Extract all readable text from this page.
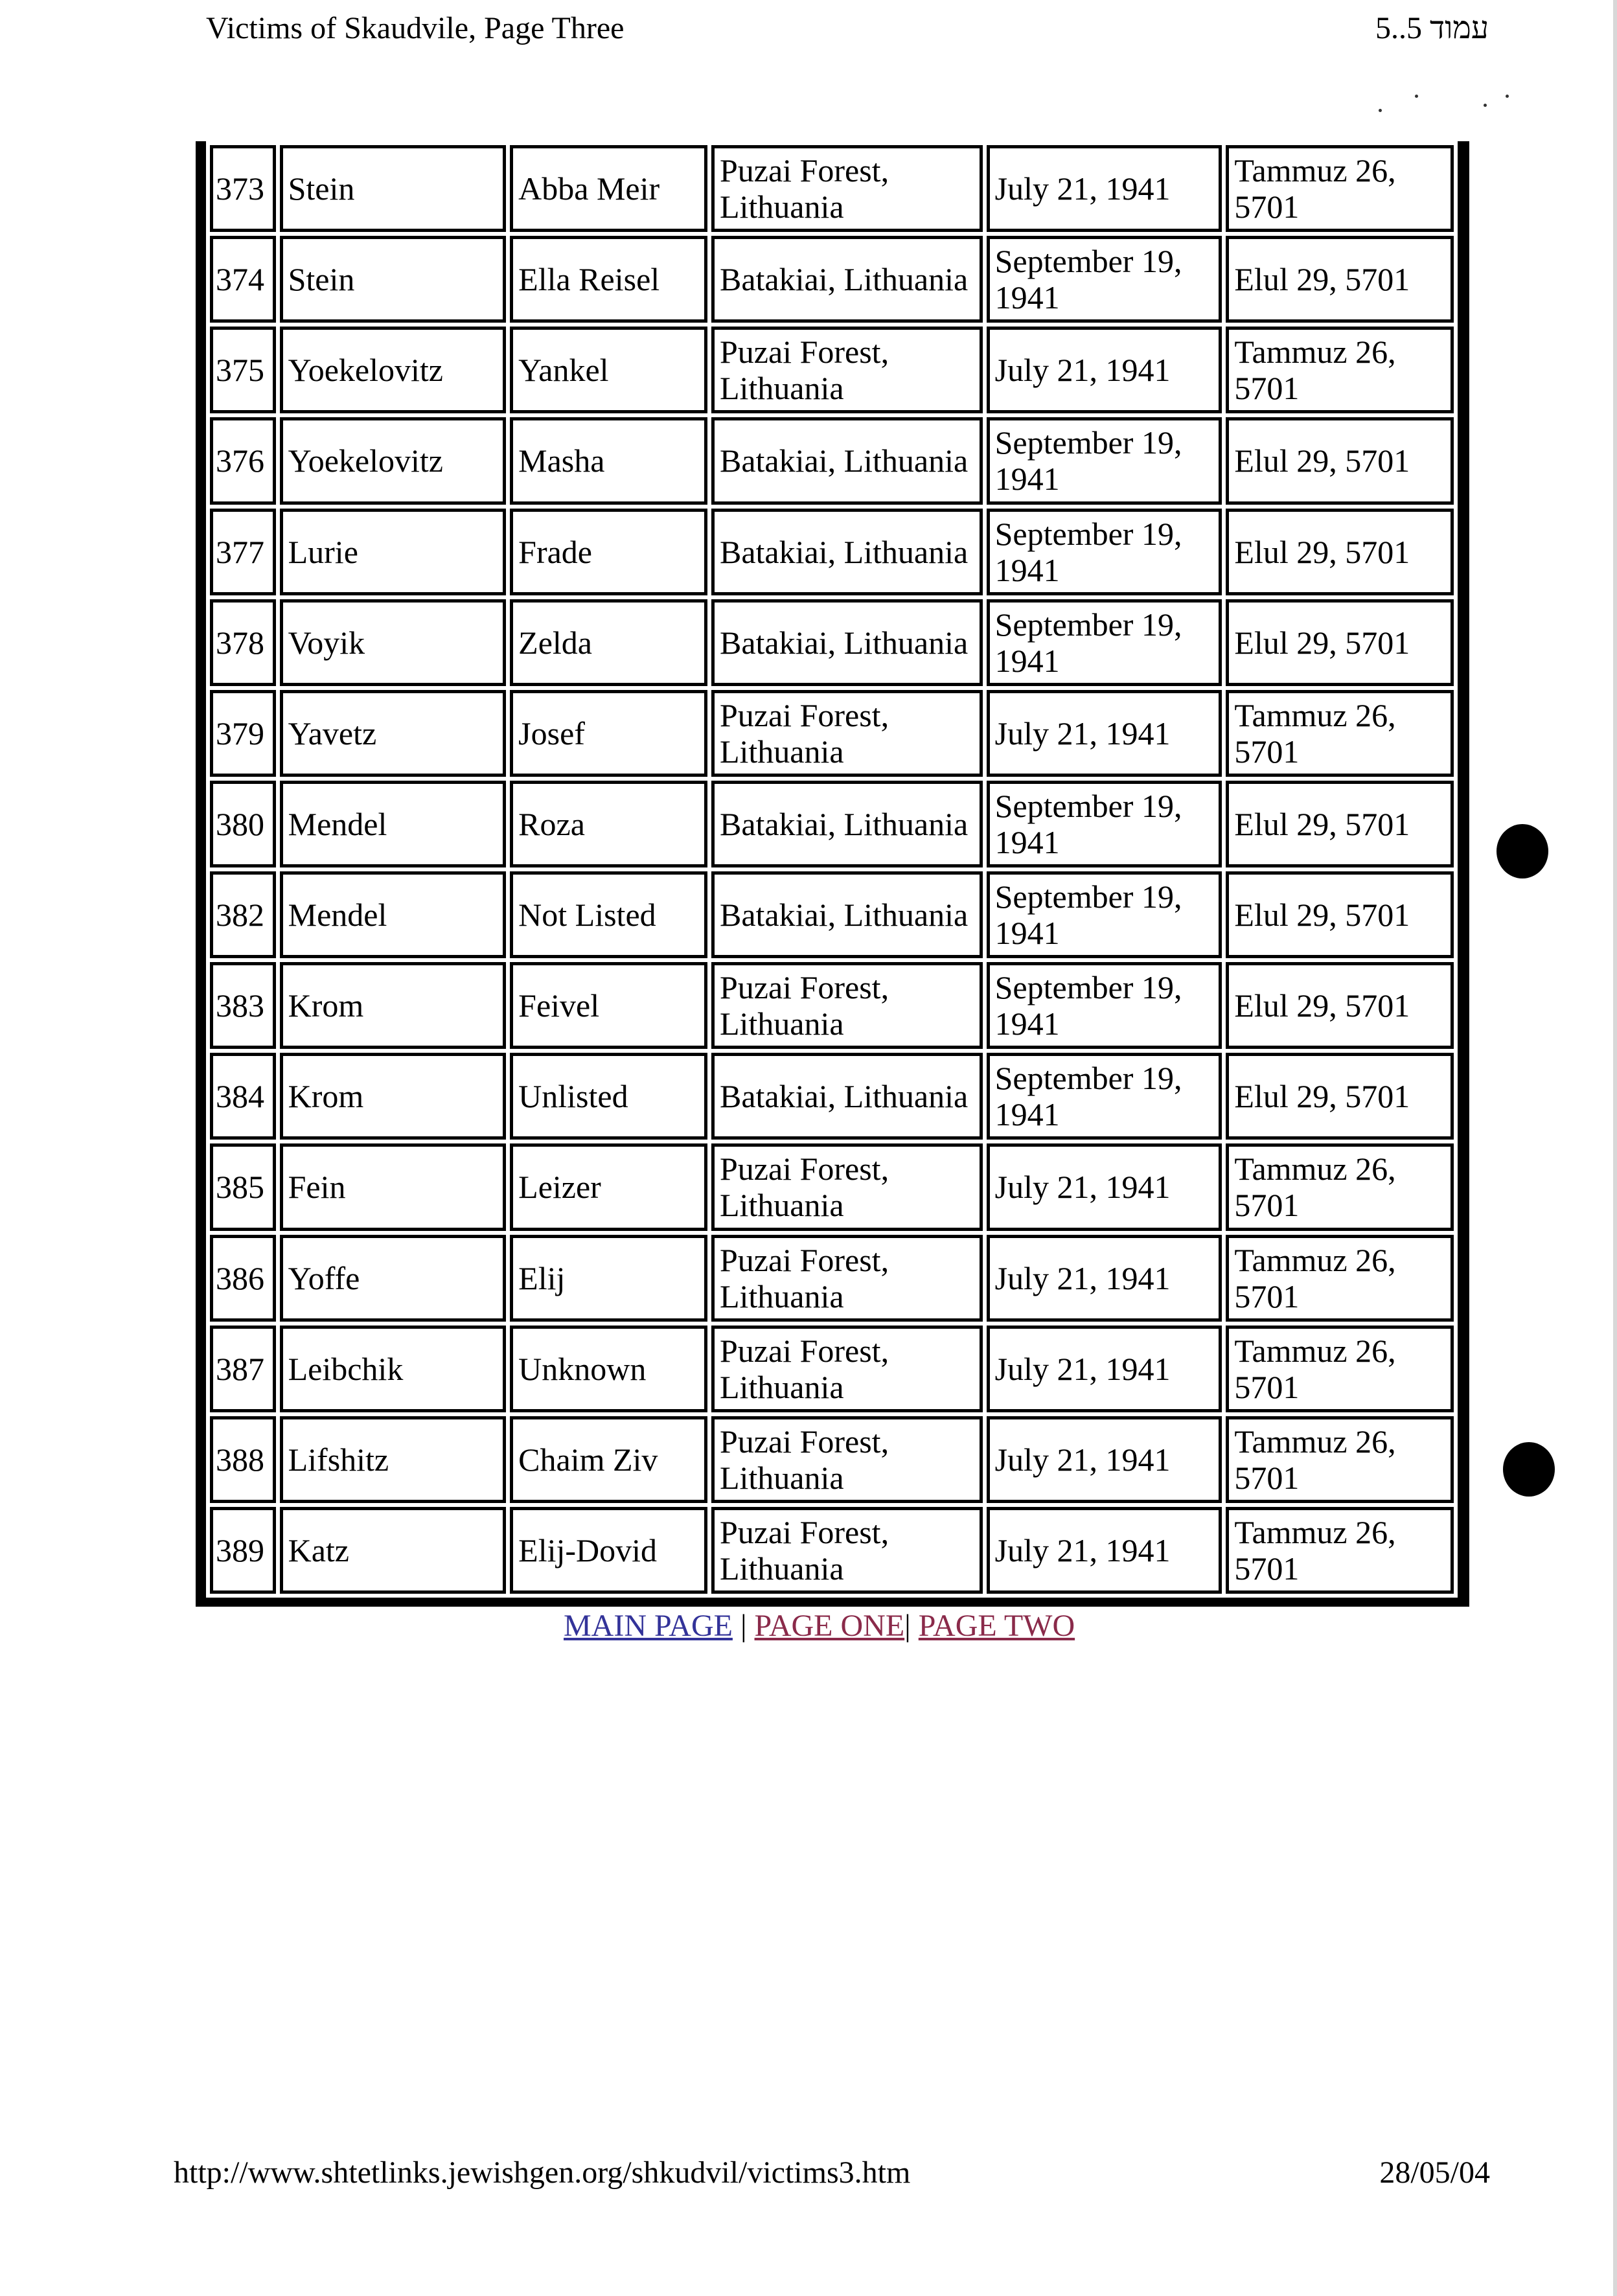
Victims of Skaudvile, Page Three	עמוד 5..5
373	Stein	Abba Meir	Puzai Forest, Lithuania	July 21, 1941	Tammuz 26, 5701
374	Stein	Ella Reisel	Batakiai, Lithuania	September 19, 1941	Elul 29, 5701
375	Yoekelovitz	Yankel	Puzai Forest, Lithuania	July 21, 1941	Tammuz 26, 5701
376	Yoekelovitz	Masha	Batakiai, Lithuania	September 19, 1941	Elul 29, 5701
377	Lurie	Frade	Batakiai, Lithuania	September 19, 1941	Elul 29, 5701
378	Voyik	Zelda	Batakiai, Lithuania	September 19, 1941	Elul 29, 5701
379	Yavetz	Josef	Puzai Forest, Lithuania	July 21, 1941	Tammuz 26, 5701
380	Mendel	Roza	Batakiai, Lithuania	September 19, 1941	Elul 29, 5701
382	Mendel	Not Listed	Batakiai, Lithuania	September 19, 1941	Elul 29, 5701
383	Krom	Feivel	Puzai Forest, Lithuania	September 19, 1941	Elul 29, 5701
384	Krom	Unlisted	Batakiai, Lithuania	September 19, 1941	Elul 29, 5701
385	Fein	Leizer	Puzai Forest, Lithuania	July 21, 1941	Tammuz 26, 5701
386	Yoffe	Elij	Puzai Forest, Lithuania	July 21, 1941	Tammuz 26, 5701
387	Leibchik	Unknown	Puzai Forest, Lithuania	July 21, 1941	Tammuz 26, 5701
388	Lifshitz	Chaim Ziv	Puzai Forest, Lithuania	July 21, 1941	Tammuz 26, 5701
389	Katz	Elij-Dovid	Puzai Forest, Lithuania	July 21, 1941	Tammuz 26, 5701
MAIN PAGE | PAGE ONE| PAGE TWO
http://www.shtetlinks.jewishgen.org/shkudvil/victims3.htm	28/05/04
